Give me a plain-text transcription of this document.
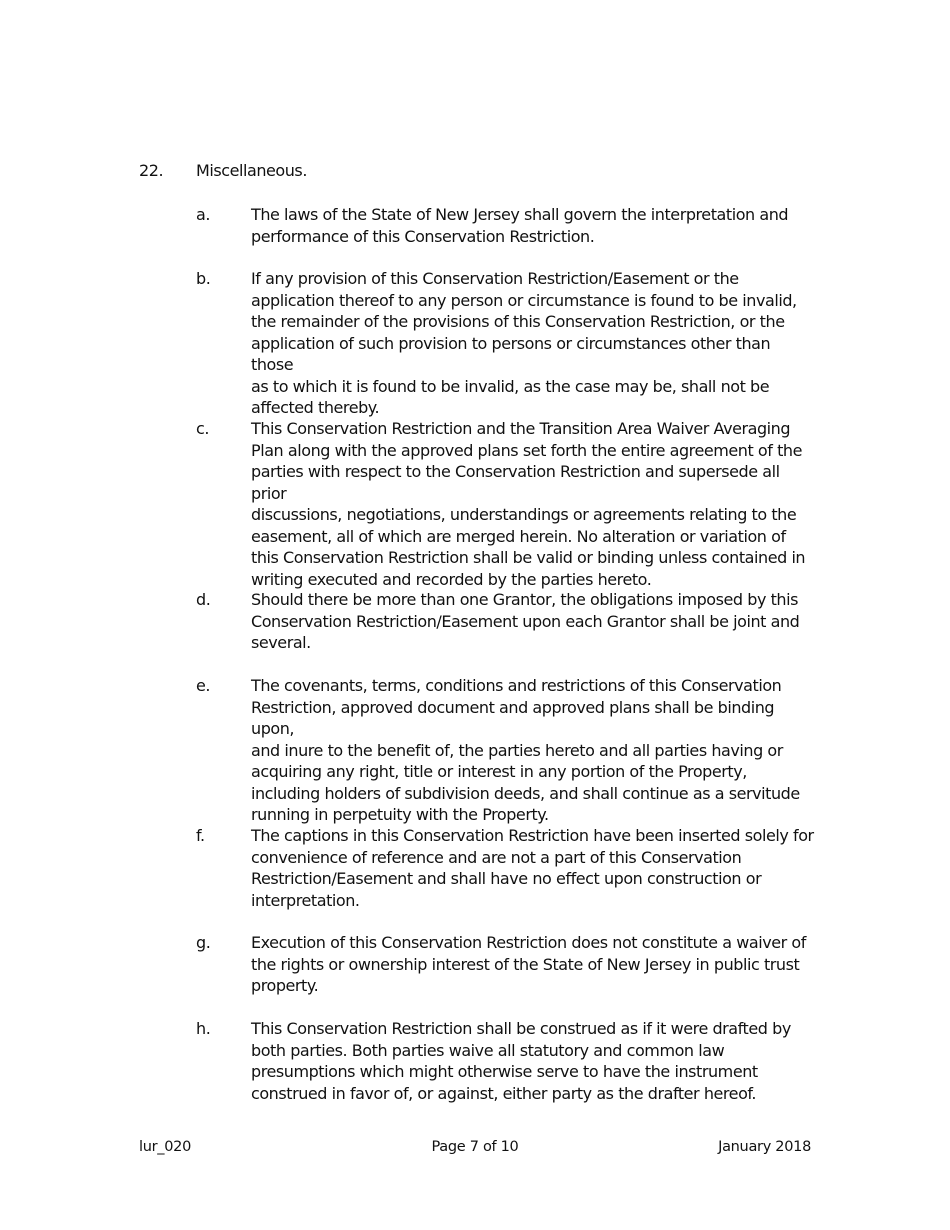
22. Miscellaneous.
a.	The laws of the State of New Jersey shall govern the interpretation and
performance of this Conservation Restriction.
b.	If any provision of this Conservation Restriction/Easement or the
application thereof to any person or circumstance is found to be invalid,
the remainder of the provisions of this Conservation Restriction, or the
application of such provision to persons or circumstances other than those
as to which it is found to be invalid, as the case may be, shall not be
affected thereby.
c.	This Conservation Restriction and the Transition Area Waiver Averaging
Plan along with the approved plans set forth the entire agreement of the
parties with respect to the Conservation Restriction and supersede all prior
discussions, negotiations, understandings or agreements relating to the
easement, all of which are merged herein. No alteration or variation of
this Conservation Restriction shall be valid or binding unless contained in
writing executed and recorded by the parties hereto.
d.	Should there be more than one Grantor, the obligations imposed by this
Conservation Restriction/Easement upon each Grantor shall be joint and
several.
e.	The covenants, terms, conditions and restrictions of this Conservation
Restriction, approved document and approved plans shall be binding upon,
and inure to the benefit of, the parties hereto and all parties having or
acquiring any right, title or interest in any portion of the Property,
including holders of subdivision deeds, and shall continue as a servitude
running in perpetuity with the Property.
f.	The captions in this Conservation Restriction have been inserted solely for
convenience of reference and are not a part of this Conservation
Restriction/Easement and shall have no effect upon construction or
interpretation.
g.	Execution of this Conservation Restriction does not constitute a waiver of
the rights or ownership interest of the State of New Jersey in public trust
property.
h.	This Conservation Restriction shall be construed as if it were drafted by
both parties. Both parties waive all statutory and common law
presumptions which might otherwise serve to have the instrument
construed in favor of, or against, either party as the drafter hereof.
lur_020	Page 7 of 10	January 2018
